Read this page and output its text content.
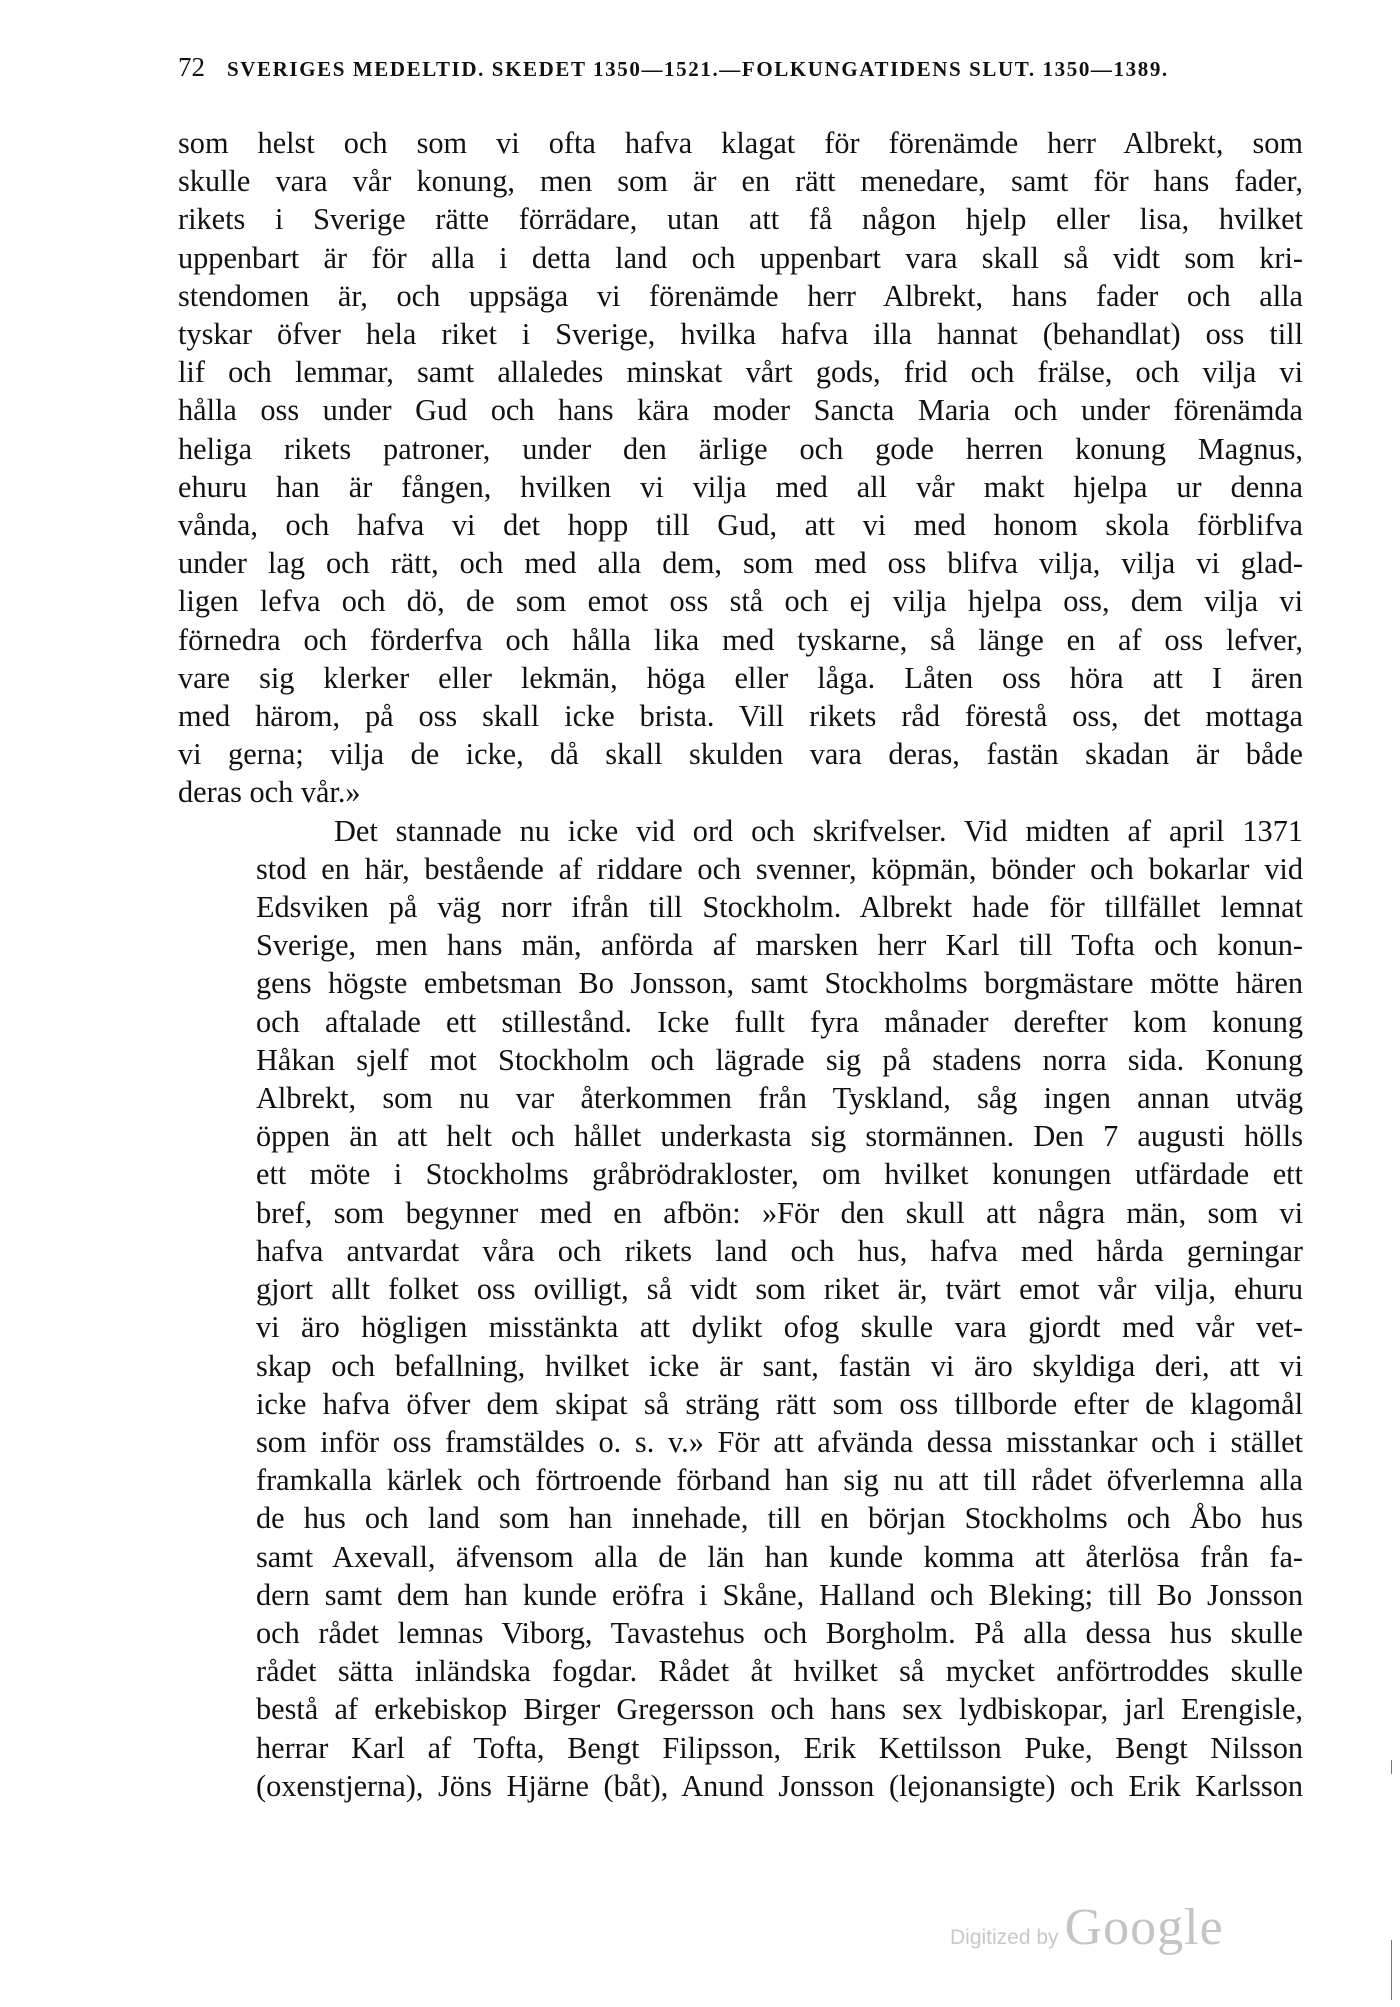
72 SVERIGES MEDELTID. SKEDET 1350—1521.—FOLKUNGATIDENS SLUT. 1350—1389.
som helst och som vi ofta hafva klagat för förenämde herr Albrekt, som
skulle vara vår konung, men som är en rätt menedare, samt för hans fader,
rikets i Sverige rätte förrädare, utan att få någon hjelp eller lisa, hvilket
uppenbart är för alla i detta land och uppenbart vara skall så vidt som kri-
stendomen är, och uppsäga vi förenämde herr Albrekt, hans fader och alla
tyskar öfver hela riket i Sverige, hvilka hafva illa hannat (behandlat) oss till
lif och lemmar, samt allaledes minskat vårt gods, frid och frälse, och vilja vi
hålla oss under Gud och hans kära moder Sancta Maria och under förenämda
heliga rikets patroner, under den ärlige och gode herren konung Magnus,
ehuru han är fången, hvilken vi vilja med all vår makt hjelpa ur denna
vånda, och hafva vi det hopp till Gud, att vi med honom skola förblifva
under lag och rätt, och med alla dem, som med oss blifva vilja, vilja vi glad-
ligen lefva och dö, de som emot oss stå och ej vilja hjelpa oss, dem vilja vi
förnedra och förderfva och hålla lika med tyskarne, så länge en af oss lefver,
vare sig klerker eller lekmän, höga eller låga. Låten oss höra att I ären
med härom, på oss skall icke brista. Vill rikets råd förestå oss, det mottaga
vi gerna; vilja de icke, då skall skulden vara deras, fastän skadan är både
deras och vår.»
Det stannade nu icke vid ord och skrifvelser. Vid midten af april 1371
stod en här, bestående af riddare och svenner, köpmän, bönder och bokarlar vid
Edsviken på väg norr ifrån till Stockholm. Albrekt hade för tillfället lemnat
Sverige, men hans män, anförda af marsken herr Karl till Tofta och konun-
gens högste embetsman Bo Jonsson, samt Stockholms borgmästare mötte hären
och aftalade ett stillestånd. Icke fullt fyra månader derefter kom konung
Håkan sjelf mot Stockholm och lägrade sig på stadens norra sida. Konung
Albrekt, som nu var återkommen från Tyskland, såg ingen annan utväg
öppen än att helt och hållet underkasta sig stormännen. Den 7 augusti hölls
ett möte i Stockholms gråbrödrakloster, om hvilket konungen utfärdade ett
bref, som begynner med en afbön: »För den skull att några män, som vi
hafva antvardat våra och rikets land och hus, hafva med hårda gerningar
gjort allt folket oss ovilligt, så vidt som riket är, tvärt emot vår vilja, ehuru
vi äro högligen misstänkta att dylikt ofog skulle vara gjordt med vår vet-
skap och befallning, hvilket icke är sant, fastän vi äro skyldiga deri, att vi
icke hafva öfver dem skipat så sträng rätt som oss tillborde efter de klagomål
som inför oss framstäldes o. s. v.» För att afvända dessa misstankar och i stället
framkalla kärlek och förtroende förband han sig nu att till rådet öfverlemna alla
de hus och land som han innehade, till en början Stockholms och Åbo hus
samt Axevall, äfvensom alla de län han kunde komma att återlösa från fa-
dern samt dem han kunde eröfra i Skåne, Halland och Bleking; till Bo Jonsson
och rådet lemnas Viborg, Tavastehus och Borgholm. På alla dessa hus skulle
rådet sätta inländska fogdar. Rådet åt hvilket så mycket anförtroddes skulle
bestå af erkebiskop Birger Gregersson och hans sex lydbiskopar, jarl Erengisle,
herrar Karl af Tofta, Bengt Filipsson, Erik Kettilsson Puke, Bengt Nilsson
(oxenstjerna), Jöns Hjärne (båt), Anund Jonsson (lejonansigte) och Erik Karlsson
Digitized by Google
